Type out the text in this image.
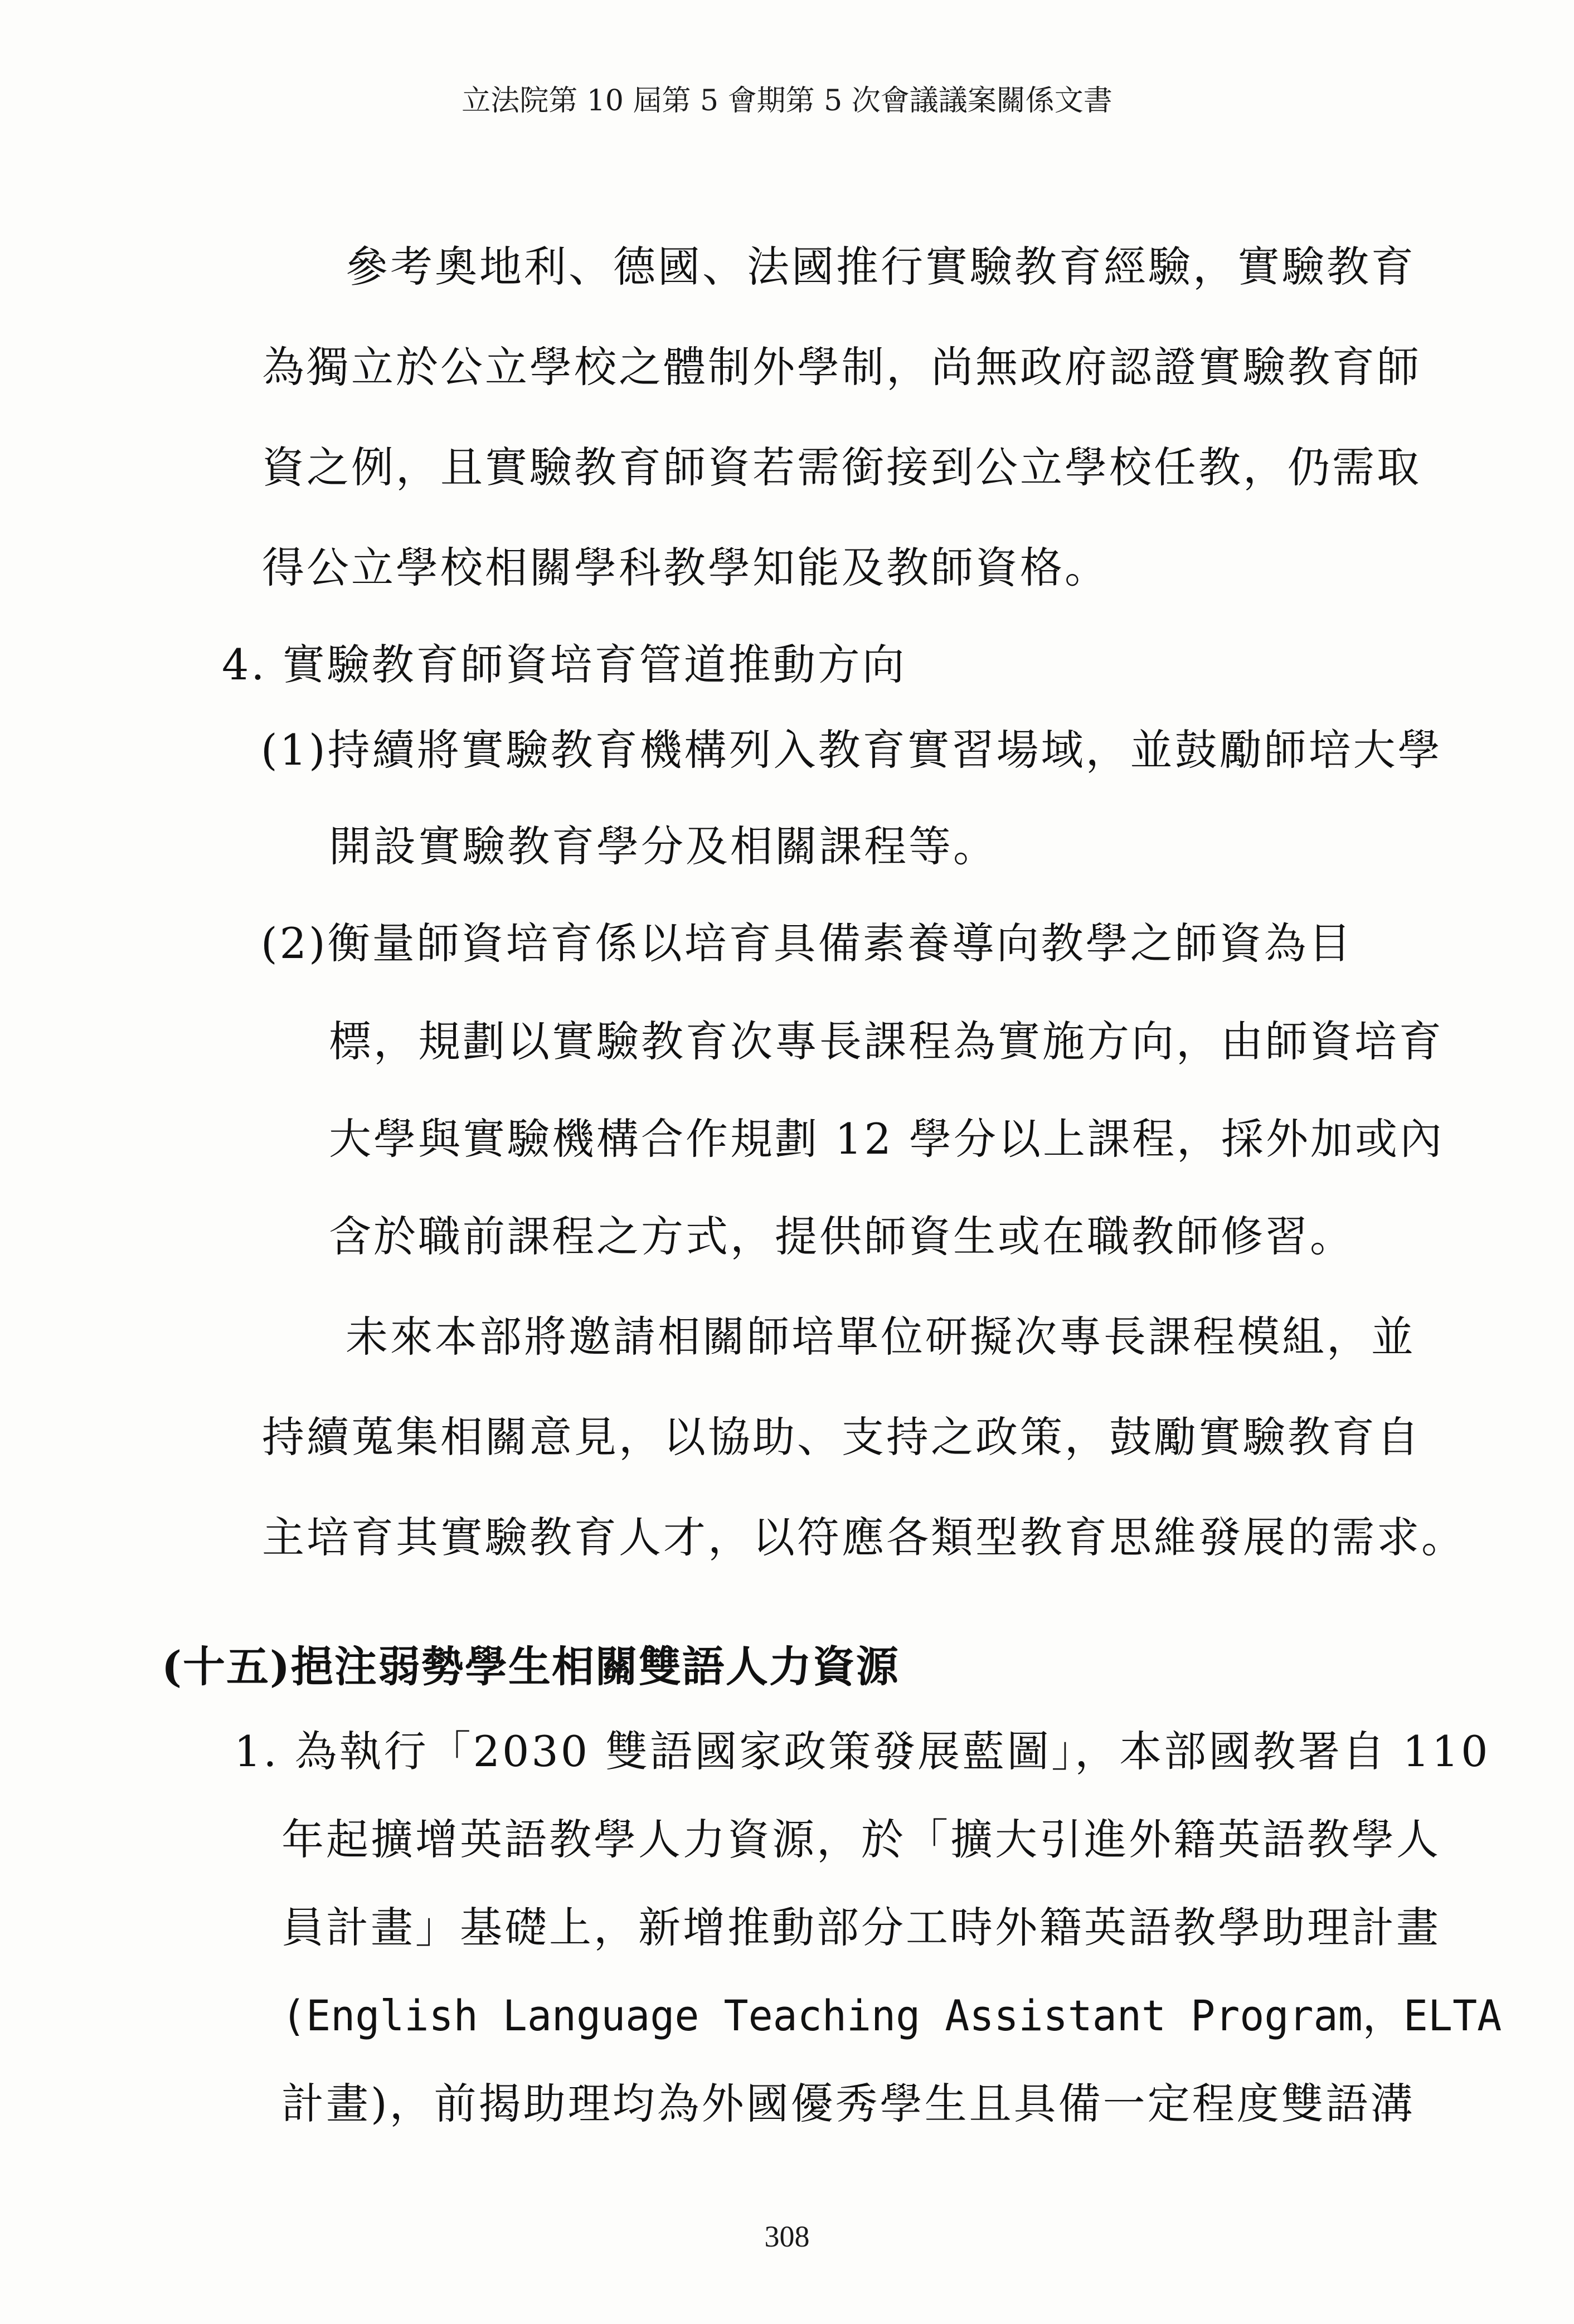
立法院第 10 屆第 5 會期第 5 次會議議案關係文書
參考奧地利、德國、法國推行實驗教育經驗，實驗教育
為獨立於公立學校之體制外學制，尚無政府認證實驗教育師
資之例，且實驗教育師資若需銜接到公立學校任教，仍需取
得公立學校相關學科教學知能及教師資格。
4. 實驗教育師資培育管道推動方向
(1)持續將實驗教育機構列入教育實習場域，並鼓勵師培大學
開設實驗教育學分及相關課程等。
(2)衡量師資培育係以培育具備素養導向教學之師資為目
標，規劃以實驗教育次專長課程為實施方向，由師資培育
大學與實驗機構合作規劃 12 學分以上課程，採外加或內
含於職前課程之方式，提供師資生或在職教師修習。
未來本部將邀請相關師培單位研擬次專長課程模組，並
持續蒐集相關意見，以協助、支持之政策，鼓勵實驗教育自
主培育其實驗教育人才，以符應各類型教育思維發展的需求。
(十五)挹注弱勢學生相關雙語人力資源
1. 為執行「2030 雙語國家政策發展藍圖」，本部國教署自 110
年起擴增英語教學人力資源，於「擴大引進外籍英語教學人
員計畫」基礎上，新增推動部分工時外籍英語教學助理計畫
(English Language Teaching Assistant Program，ELTA
計畫)，前揭助理均為外國優秀學生且具備一定程度雙語溝
308
